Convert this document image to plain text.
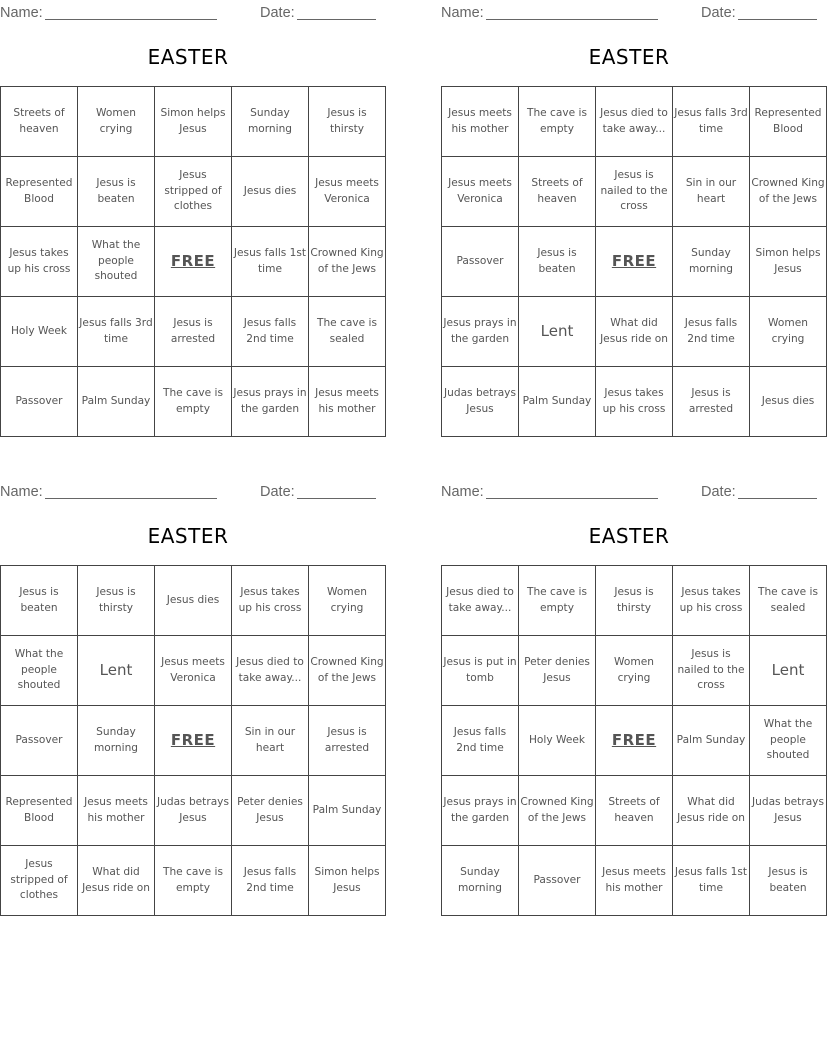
Name:	Date:
EASTER
Streets of heaven	Women crying	Simon helps Jesus	Sunday morning	Jesus is thirsty
Represented Blood	Jesus is beaten	Jesus stripped of clothes	Jesus dies	Jesus meets Veronica
Jesus takes up his cross	What the people shouted	FREE	Jesus falls 1st time	Crowned King of the Jews
Holy Week	Jesus falls 3rd time	Jesus is arrested	Jesus falls 2nd time	The cave is sealed
Passover	Palm Sunday	The cave is empty	Jesus prays in the garden	Jesus meets his mother
Name:	Date:
EASTER
Jesus meets his mother	The cave is empty	Jesus died to take away...	Jesus falls 3rd time	Represented Blood
Jesus meets Veronica	Streets of heaven	Jesus is nailed to the cross	Sin in our heart	Crowned King of the Jews
Passover	Jesus is beaten	FREE	Sunday morning	Simon helps Jesus
Jesus prays in the garden	Lent	What did Jesus ride on	Jesus falls 2nd time	Women crying
Judas betrays Jesus	Palm Sunday	Jesus takes up his cross	Jesus is arrested	Jesus dies
Name:	Date:
EASTER
Jesus is beaten	Jesus is thirsty	Jesus dies	Jesus takes up his cross	Women crying
What the people shouted	Lent	Jesus meets Veronica	Jesus died to take away...	Crowned King of the Jews
Passover	Sunday morning	FREE	Sin in our heart	Jesus is arrested
Represented Blood	Jesus meets his mother	Judas betrays Jesus	Peter denies Jesus	Palm Sunday
Jesus stripped of clothes	What did Jesus ride on	The cave is empty	Jesus falls 2nd time	Simon helps Jesus
Name:	Date:
EASTER
Jesus died to take away...	The cave is empty	Jesus is thirsty	Jesus takes up his cross	The cave is sealed
Jesus is put in tomb	Peter denies Jesus	Women crying	Jesus is nailed to the cross	Lent
Jesus falls 2nd time	Holy Week	FREE	Palm Sunday	What the people shouted
Jesus prays in the garden	Crowned King of the Jews	Streets of heaven	What did Jesus ride on	Judas betrays Jesus
Sunday morning	Passover	Jesus meets his mother	Jesus falls 1st time	Jesus is beaten
